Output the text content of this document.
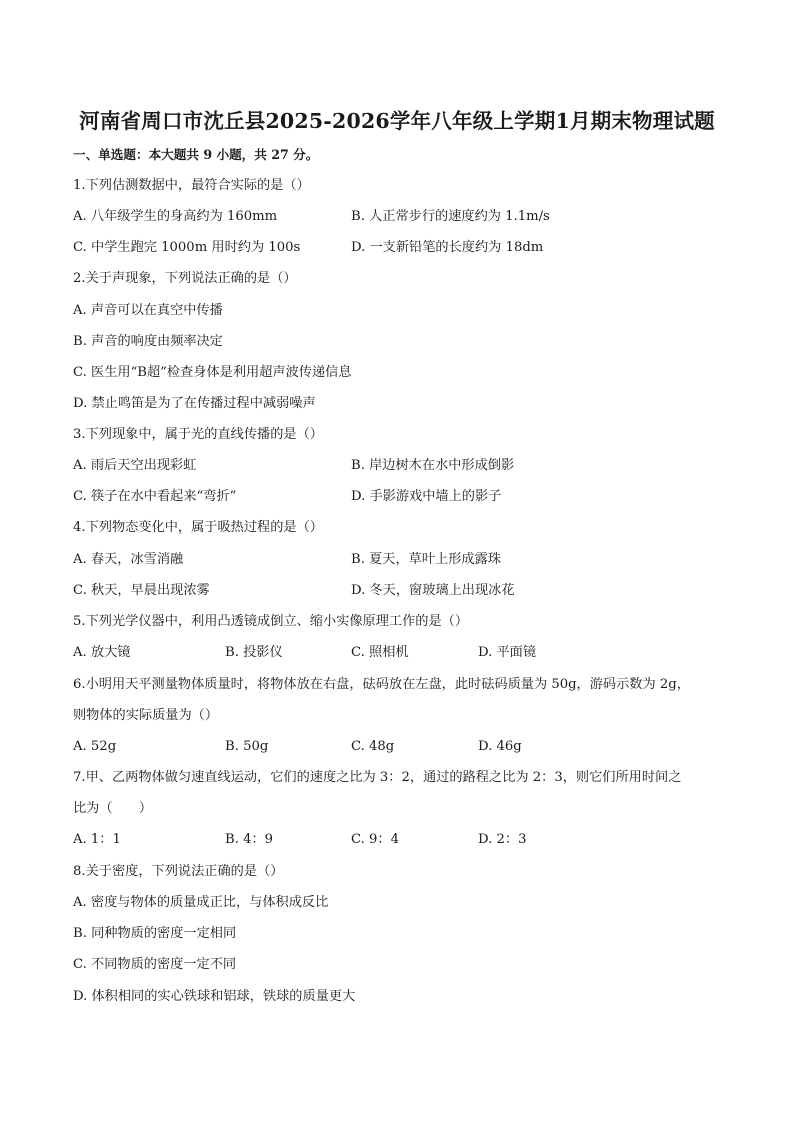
河南省周口市沈丘县2025-2026学年八年级上学期1月期末物理试题
一、单选题：本大题共 9 小题，共 27 分。
1.下列估测数据中，最符合实际的是（）
A. 八年级学生的身高约为 160mm	B. 人正常步行的速度约为 1.1m/s
C. 中学生跑完 1000m 用时约为 100s	D. 一支新铅笔的长度约为 18dm
2.关于声现象，下列说法正确的是（）
A. 声音可以在真空中传播
B. 声音的响度由频率决定
C. 医生用“B超”检查身体是利用超声波传递信息
D. 禁止鸣笛是为了在传播过程中减弱噪声
3.下列现象中，属于光的直线传播的是（）
A. 雨后天空出现彩虹	B. 岸边树木在水中形成倒影
C. 筷子在水中看起来“弯折”	D. 手影游戏中墙上的影子
4.下列物态变化中，属于吸热过程的是（）
A. 春天，冰雪消融	B. 夏天，草叶上形成露珠
C. 秋天，早晨出现浓雾	D. 冬天，窗玻璃上出现冰花
5.下列光学仪器中，利用凸透镜成倒立、缩小实像原理工作的是（）
A. 放大镜	B. 投影仪	C. 照相机	D. 平面镜
6.小明用天平测量物体质量时，将物体放在右盘，砝码放在左盘，此时砝码质量为 50g，游码示数为 2g，
则物体的实际质量为（）
A. 52g	B. 50g	C. 48g	D. 46g
7.甲、乙两物体做匀速直线运动，它们的速度之比为 3：2，通过的路程之比为 2：3，则它们所用时间之
比为（　　）
A. 1：1	B. 4：9	C. 9：4	D. 2：3
8.关于密度，下列说法正确的是（）
A. 密度与物体的质量成正比，与体积成反比
B. 同种物质的密度一定相同
C. 不同物质的密度一定不同
D. 体积相同的实心铁球和铝球，铁球的质量更大
